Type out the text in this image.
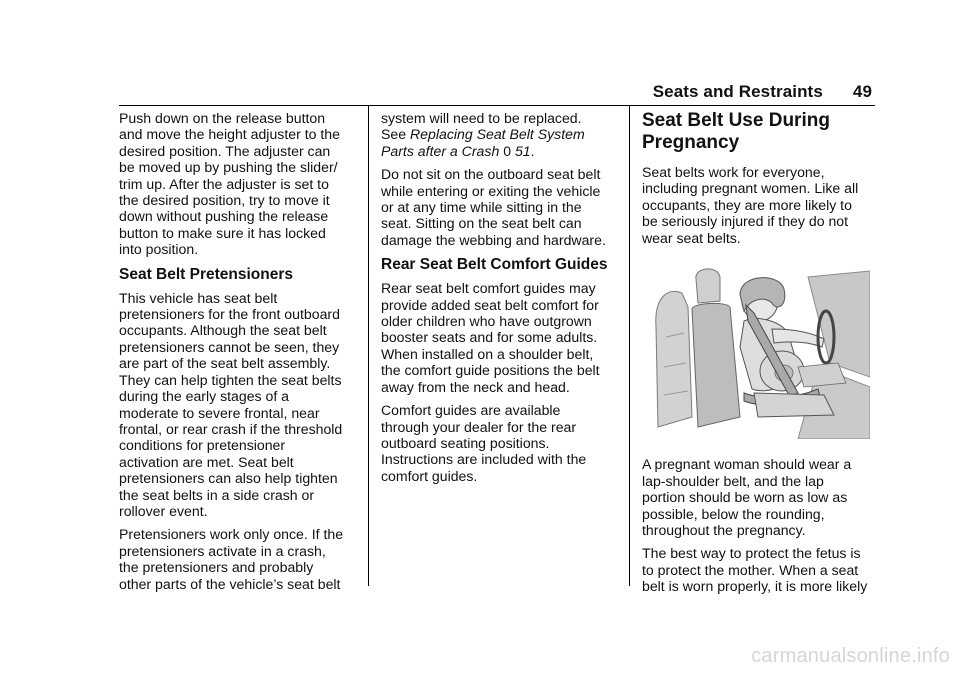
Seats and Restraints 49

Push down on the release button
and move the height adjuster to the
desired position. The adjuster can
be moved up by pushing the slider/
trim up. After the adjuster is set to
the desired position, try to move it
down without pushing the release
button to make sure it has locked
into position.

Seat Belt Pretensioners

This vehicle has seat belt
pretensioners for the front outboard
occupants. Although the seat belt
pretensioners cannot be seen, they
are part of the seat belt assembly.
They can help tighten the seat belts
during the early stages of a
moderate to severe frontal, near
frontal, or rear crash if the threshold
conditions for pretensioner
activation are met. Seat belt
pretensioners can also help tighten
the seat belts in a side crash or
rollover event.

Pretensioners work only once. If the
pretensioners activate in a crash,
the pretensioners and probably
other parts of the vehicle’s seat belt

system will need to be replaced.
See Replacing Seat Belt System
Parts after a Crash 0 51.

Do not sit on the outboard seat belt
while entering or exiting the vehicle
or at any time while sitting in the
seat. Sitting on the seat belt can
damage the webbing and hardware.

Rear Seat Belt Comfort Guides

Rear seat belt comfort guides may
provide added seat belt comfort for
older children who have outgrown
booster seats and for some adults.
When installed on a shoulder belt,
the comfort guide positions the belt
away from the neck and head.

Comfort guides are available
through your dealer for the rear
outboard seating positions.
Instructions are included with the
comfort guides.

Seat Belt Use During
Pregnancy

Seat belts work for everyone,
including pregnant women. Like all
occupants, they are more likely to
be seriously injured if they do not
wear seat belts.

A pregnant woman should wear a
lap-shoulder belt, and the lap
portion should be worn as low as
possible, below the rounding,
throughout the pregnancy.

The best way to protect the fetus is
to protect the mother. When a seat
belt is worn properly, it is more likely

carmanualsonline.info
